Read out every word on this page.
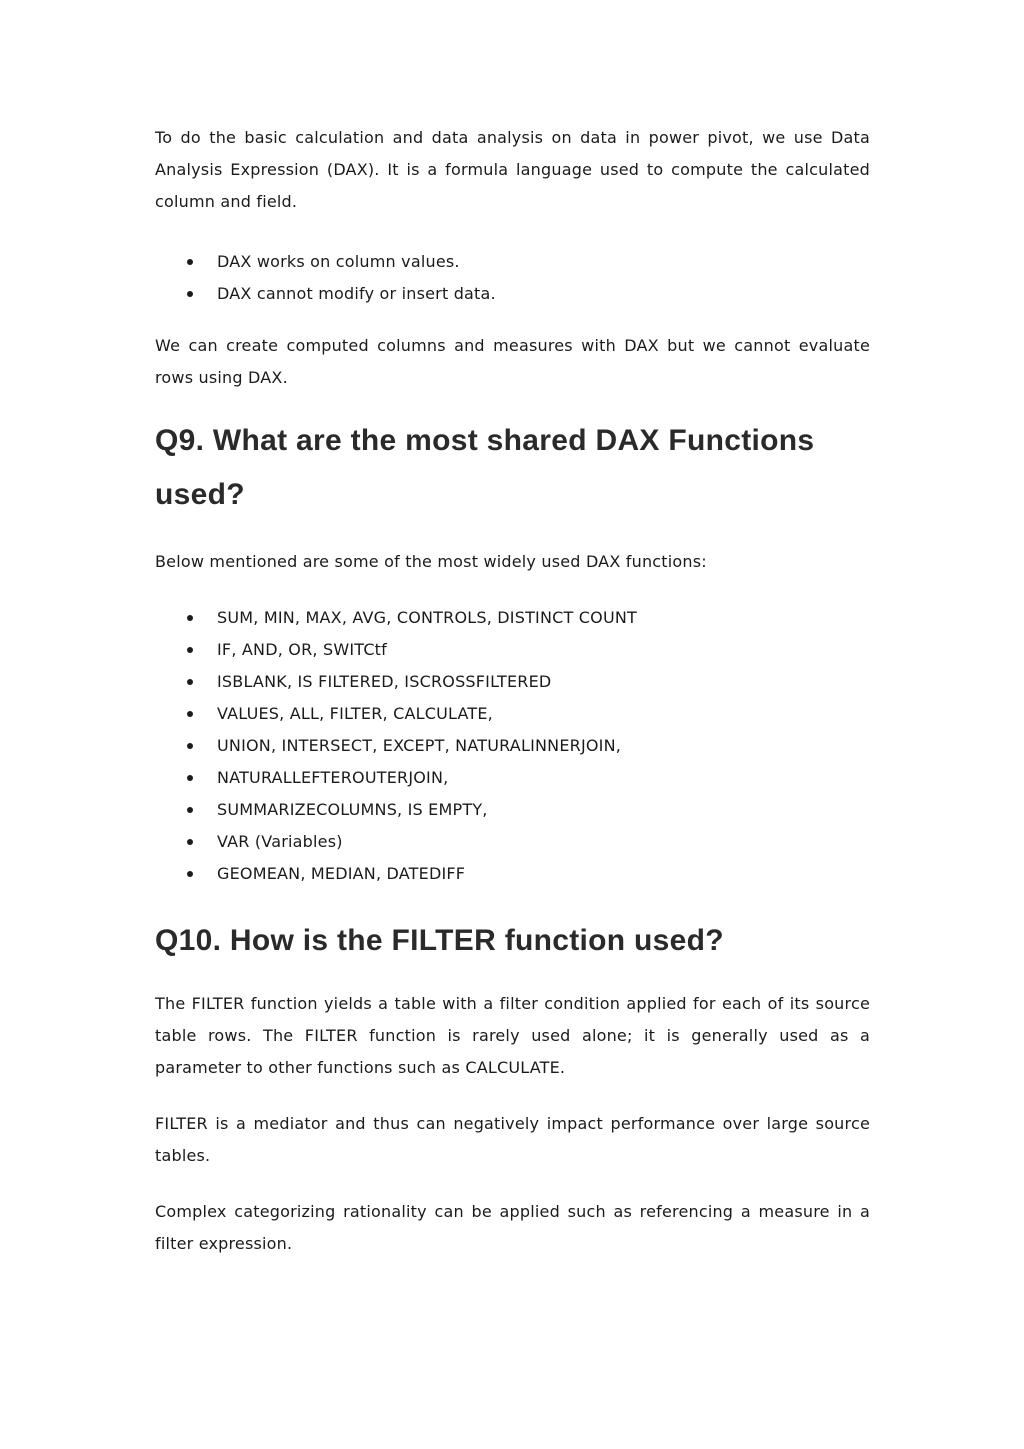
To do the basic calculation and data analysis on data in power pivot, we use Data Analysis Expression (DAX). It is a formula language used to compute the calculated column and field.

DAX works on column values.
DAX cannot modify or insert data.

We can create computed columns and measures with DAX but we cannot evaluate rows using DAX.

Q9. What are the most shared DAX Functions used?

Below mentioned are some of the most widely used DAX functions:

SUM, MIN, MAX, AVG, CONTROLS, DISTINCT COUNT
IF, AND, OR, SWITCtf
ISBLANK, IS FILTERED, ISCROSSFILTERED
VALUES, ALL, FILTER, CALCULATE,
UNION, INTERSECT, EXCEPT, NATURALINNERJOIN,
NATURALLEFTEROUTERJOIN,
SUMMARIZECOLUMNS, IS EMPTY,
VAR (Variables)
GEOMEAN, MEDIAN, DATEDIFF
Q10. How is the FILTER function used?

The FILTER function yields a table with a filter condition applied for each of its source table rows. The FILTER function is rarely used alone; it is generally used as a parameter to other functions such as CALCULATE.

FILTER is a mediator and thus can negatively impact performance over large source tables.

Complex categorizing rationality can be applied such as referencing a measure in a filter expression.
